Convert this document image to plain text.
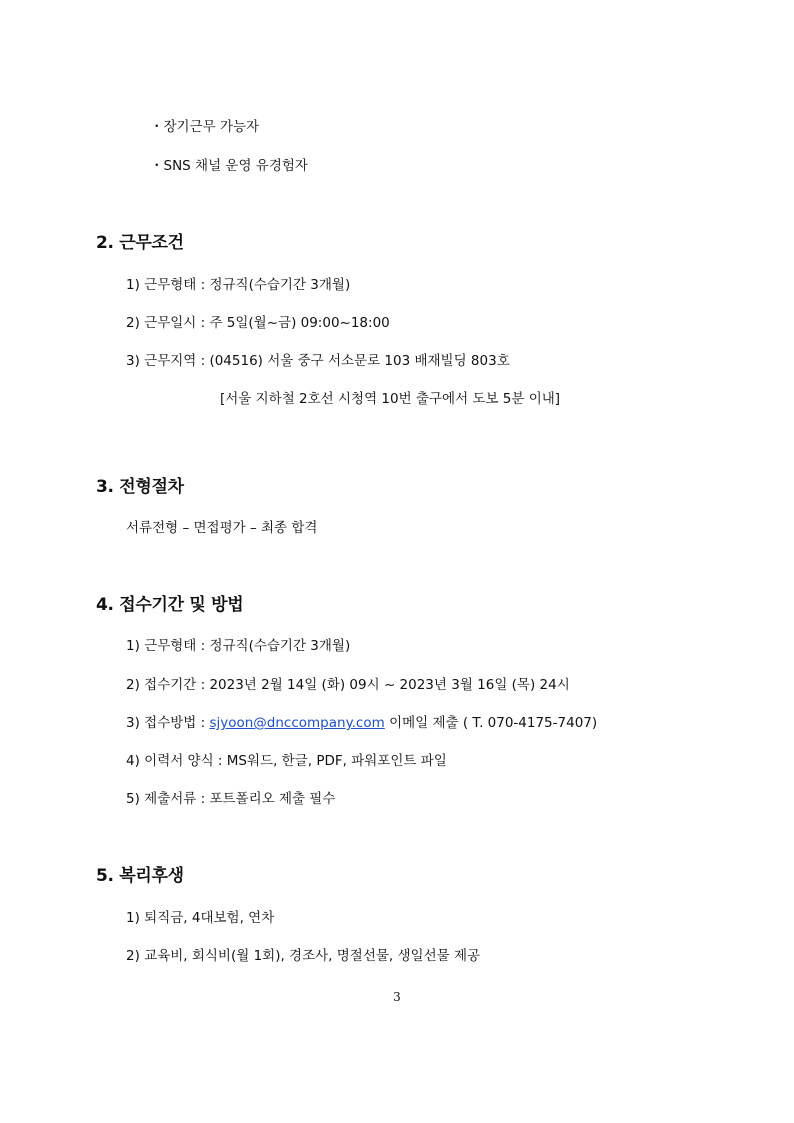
・장기근무 가능자
・SNS 채널 운영 유경험자
2. 근무조건
1) 근무형태 : 정규직(수습기간 3개월)
2) 근무일시 : 주 5일(월~금) 09:00~18:00
3) 근무지역 : (04516) 서울 중구 서소문로 103 배재빌딩 803호
[서울 지하철 2호선 시청역 10번 출구에서 도보 5분 이내]
3. 전형절차
서류전형 – 면접평가 – 최종 합격
4. 접수기간 및 방법
1) 근무형태 : 정규직(수습기간 3개월)
2) 접수기간 : 2023년 2월 14일 (화) 09시 ~ 2023년 3월 16일 (목) 24시
3) 접수방법 : sjyoon@dnccompany.com 이메일 제출 ( T. 070-4175-7407)
4) 이력서 양식 : MS워드, 한글, PDF, 파워포인트 파일
5) 제출서류 : 포트폴리오 제출 필수
5. 복리후생
1) 퇴직금, 4대보험, 연차
2) 교육비, 회식비(월 1회), 경조사, 명절선물, 생일선물 제공
3
